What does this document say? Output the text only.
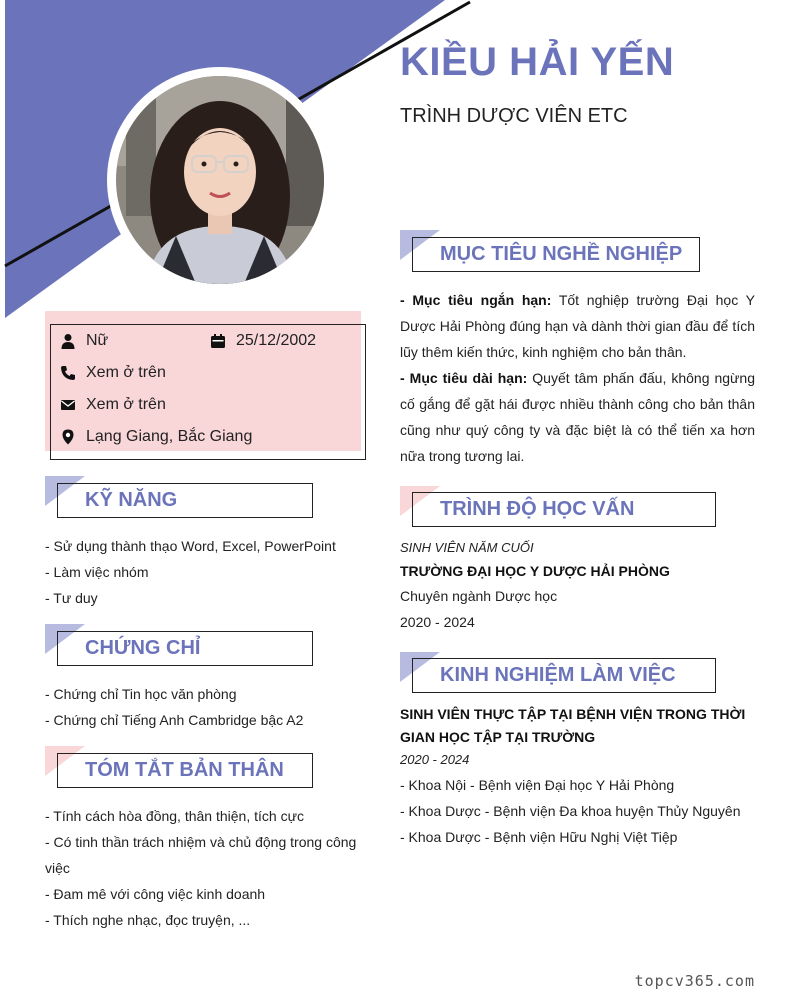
KIỀU HẢI YẾN
TRÌNH DƯỢC VIÊN ETC
Nữ	25/12/2002
Xem ở trên
Xem ở trên
Lạng Giang, Bắc Giang
KỸ NĂNG
- Sử dụng thành thạo Word, Excel, PowerPoint
- Làm việc nhóm
- Tư duy
CHỨNG CHỈ
- Chứng chỉ Tin học văn phòng
- Chứng chỉ Tiếng Anh Cambridge bậc A2
TÓM TẮT BẢN THÂN
- Tính cách hòa đồng, thân thiện, tích cực
- Có tinh thần trách nhiệm và chủ động trong công
việc
- Đam mê với công việc kinh doanh
- Thích nghe nhạc, đọc truyện, ...
MỤC TIÊU NGHỀ NGHIỆP
- Mục tiêu ngắn hạn: Tốt nghiệp trường Đại học Y Dược Hải Phòng đúng hạn và dành thời gian đầu để tích lũy thêm kiến thức, kinh nghiệm cho bản thân.
- Mục tiêu dài hạn: Quyết tâm phấn đấu, không ngừng cố gắng để gặt hái được nhiều thành công cho bản thân cũng như quý công ty và đặc biệt là có thể tiến xa hơn nữa trong tương lai.
TRÌNH ĐỘ HỌC VẤN
SINH VIÊN NĂM CUỐI
TRƯỜNG ĐẠI HỌC Y DƯỢC HẢI PHÒNG
Chuyên ngành Dược học
2020 - 2024
KINH NGHIỆM LÀM VIỆC
SINH VIÊN THỰC TẬP TẠI BỆNH VIỆN TRONG THỜI GIAN HỌC TẬP TẠI TRƯỜNG
2020 - 2024
- Khoa Nội - Bệnh viện Đại học Y Hải Phòng
- Khoa Dược - Bệnh viện Đa khoa huyện Thủy Nguyên
- Khoa Dược - Bệnh viện Hữu Nghị Việt Tiệp
topcv365.com
